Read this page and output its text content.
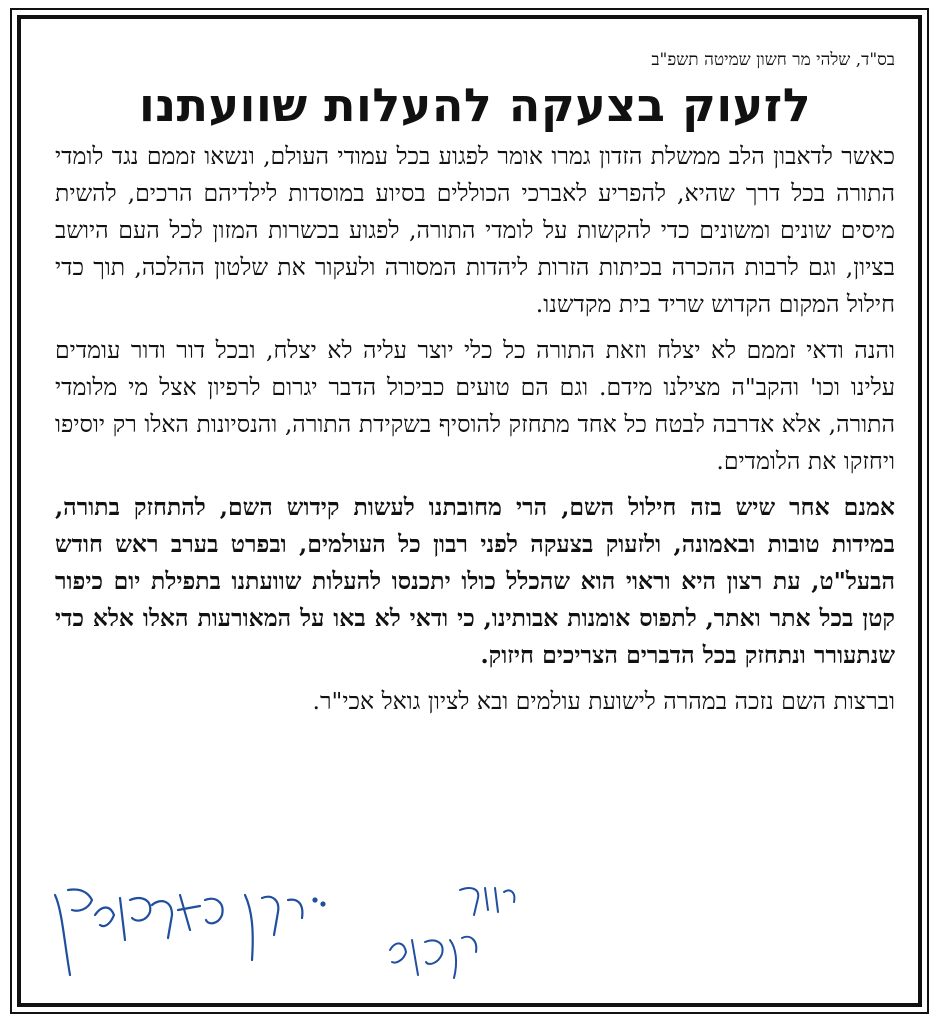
בס"ד, שלהי מר חשון שמיטה תשפ"ב
לזעוק בצעקה להעלות שוועתנו

כאשר לדאבון הלב ממשלת הזדון גמרו אומר לפגוע בכל עמודי העולם, ונשאו זממם נגד לומדי התורה בכל דרך שהיא, להפריע לאברכי הכוללים בסיוע במוסדות לילדיהם הרכים, להשית מיסים שונים ומשונים כדי להקשות על לומדי התורה, לפגוע בכשרות המזון לכל העם היושב בציון, וגם לרבות ההכרה בכיתות הזרות ליהדות המסורה ולעקור את שלטון ההלכה, תוך כדי חילול המקום הקדוש שריד בית מקדשנו.

והנה ודאי זממם לא יצלח וזאת התורה כל כלי יוצר עליה לא יצלח, ובכל דור ודור עומדים עלינו וכו' והקב"ה מצילנו מידם. וגם הם טועים כביכול הדבר יגרום לרפיון אצל מי מלומדי התורה, אלא אדרבה לבטח כל אחד מתחזק להוסיף בשקידת התורה, והנסיונות האלו רק יוסיפו ויחזקו את הלומדים.

אמנם אחר שיש בזה חילול השם, הרי מחובתנו לעשות קידוש השם, להתחזק בתורה, במידות טובות ובאמונה, ולזעוק בצעקה לפני רבון כל העולמים, ובפרט בערב ראש חודש הבעל"ט, עת רצון היא וראוי הוא שהכלל כולו יתכנסו להעלות שוועתנו בתפילת יום כיפור קטן בכל אתר ואתר, לתפוס אומנות אבותינו, כי ודאי לא באו על המאורעות האלו אלא כדי שנתעורר ונתחזק בכל הדברים הצריכים חיזוק.

וברצות השם נזכה במהרה לישועת עולמים ובא לציון גואל אכי"ר.
